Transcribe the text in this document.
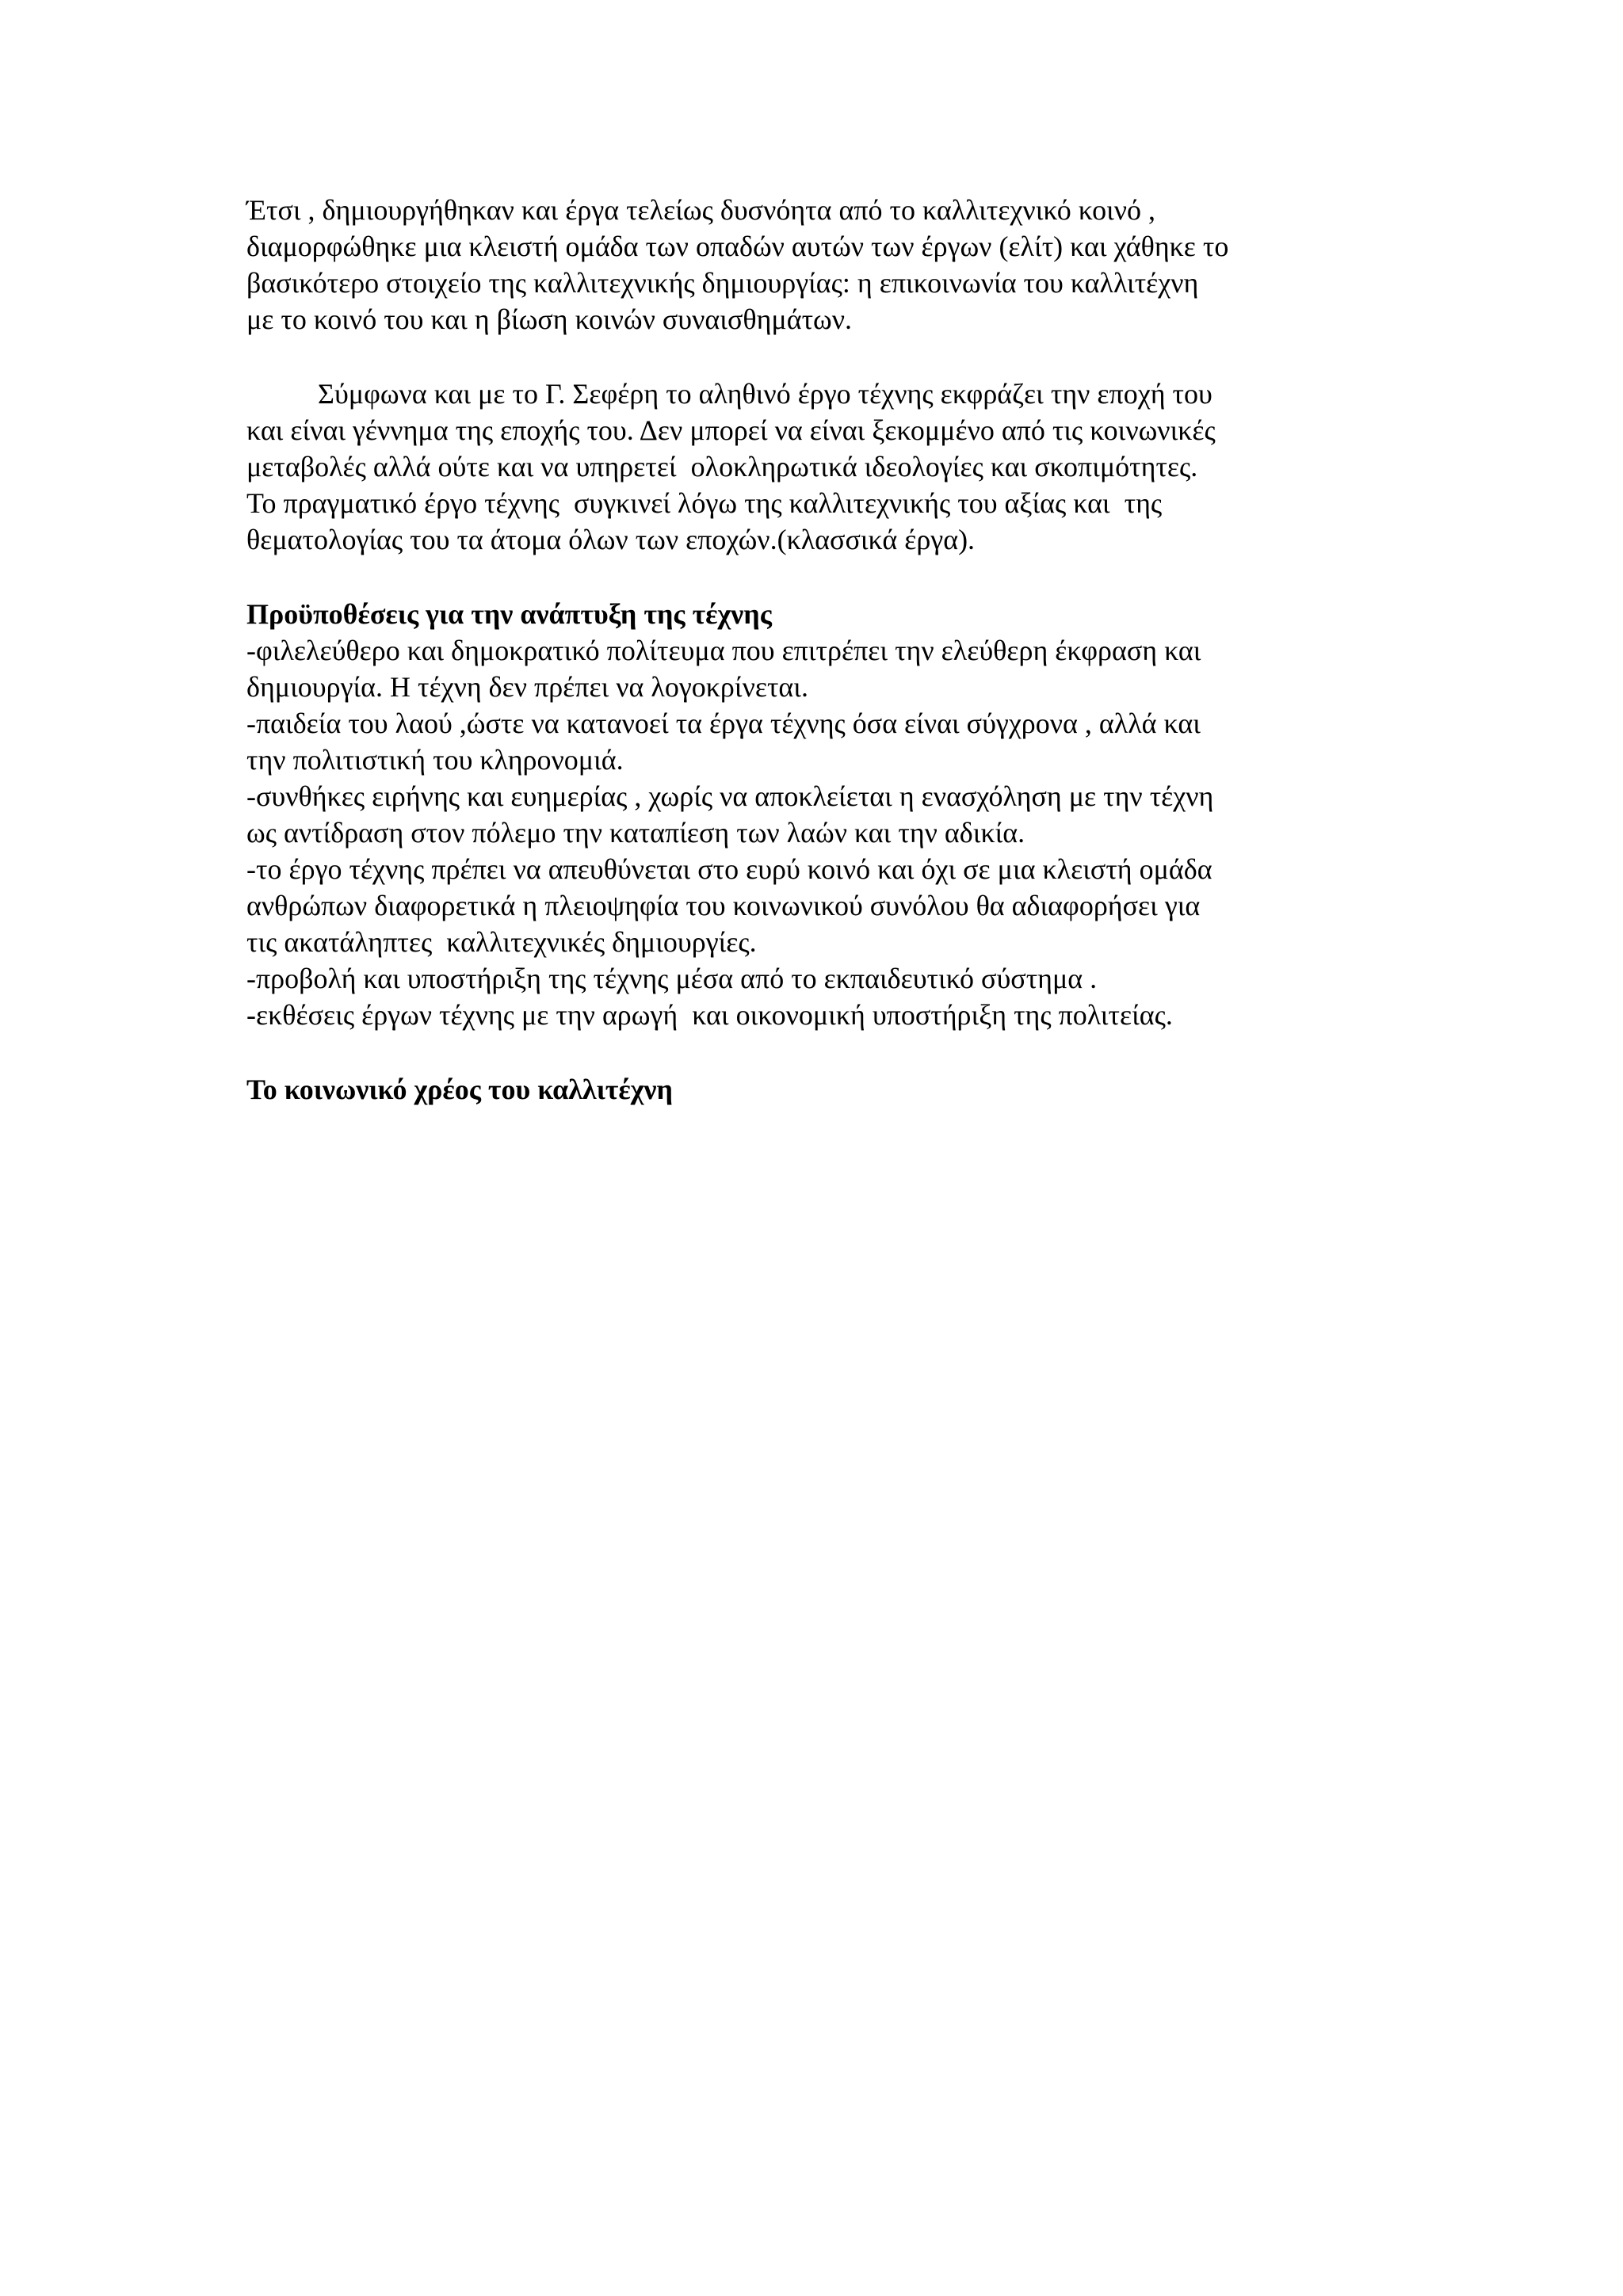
Έτσι , δημιουργήθηκαν και έργα τελείως δυσνόητα από το καλλιτεχνικό κοινό ,
διαμορφώθηκε μια κλειστή ομάδα των οπαδών αυτών των έργων (ελίτ) και χάθηκε το
βασικότερο στοιχείο της καλλιτεχνικής δημιουργίας: η επικοινωνία του καλλιτέχνη
με το κοινό του και η βίωση κοινών συναισθημάτων.
Σύμφωνα και με το Γ. Σεφέρη το αληθινό έργο τέχνης εκφράζει την εποχή του
και είναι γέννημα της εποχής του. Δεν μπορεί να είναι ξεκομμένο από τις κοινωνικές
μεταβολές αλλά ούτε και να υπηρετεί  ολοκληρωτικά ιδεολογίες και σκοπιμότητες.
Το πραγματικό έργο τέχνης  συγκινεί λόγω της καλλιτεχνικής του αξίας και  της
θεματολογίας του τα άτομα όλων των εποχών.(κλασσικά έργα).
Προϋποθέσεις για την ανάπτυξη της τέχνης
-φιλελεύθερο και δημοκρατικό πολίτευμα που επιτρέπει την ελεύθερη έκφραση και
δημιουργία. Η τέχνη δεν πρέπει να λογοκρίνεται.
-παιδεία του λαού ,ώστε να κατανοεί τα έργα τέχνης όσα είναι σύγχρονα , αλλά και
την πολιτιστική του κληρονομιά.
-συνθήκες ειρήνης και ευημερίας , χωρίς να αποκλείεται η ενασχόληση με την τέχνη
ως αντίδραση στον πόλεμο την καταπίεση των λαών και την αδικία.
-το έργο τέχνης πρέπει να απευθύνεται στο ευρύ κοινό και όχι σε μια κλειστή ομάδα
ανθρώπων διαφορετικά η πλειοψηφία του κοινωνικού συνόλου θα αδιαφορήσει για
τις ακατάληπτες  καλλιτεχνικές δημιουργίες.
-προβολή και υποστήριξη της τέχνης μέσα από το εκπαιδευτικό σύστημα .
-εκθέσεις έργων τέχνης με την αρωγή  και οικονομική υποστήριξη της πολιτείας.
Το κοινωνικό χρέος του καλλιτέχνη
